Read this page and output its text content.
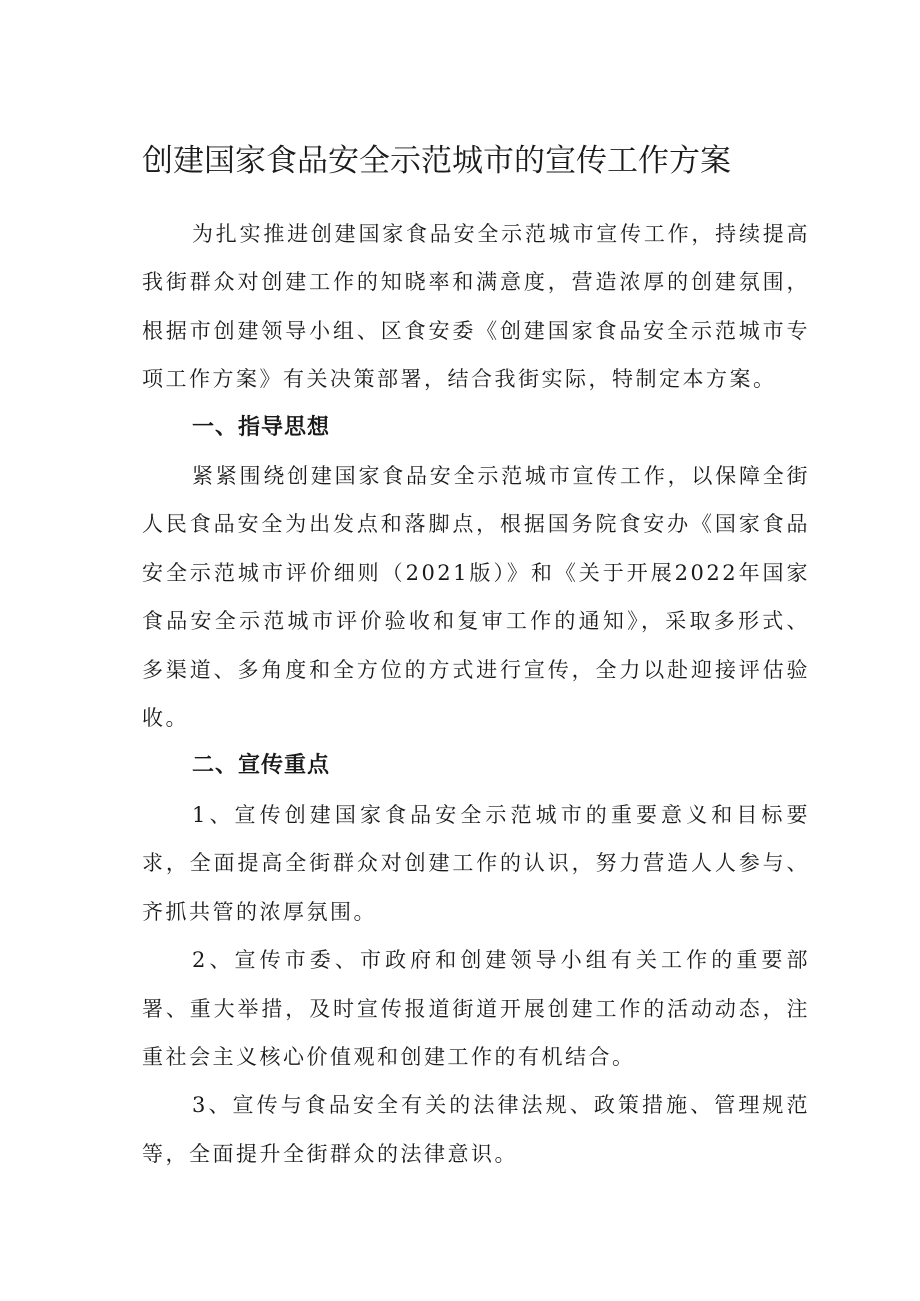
创建国家食品安全示范城市的宣传工作方案

为扎实推进创建国家食品安全示范城市宣传工作，持续提高我街群众对创建工作的知晓率和满意度，营造浓厚的创建氛围，根据市创建领导小组、区食安委《创建国家食品安全示范城市专项工作方案》有关决策部署，结合我街实际，特制定本方案。

一、指导思想

紧紧围绕创建国家食品安全示范城市宣传工作，以保障全街人民食品安全为出发点和落脚点，根据国务院食安办《国家食品安全示范城市评价细则（2021版）》和《关于开展2022年国家食品安全示范城市评价验收和复审工作的通知》，采取多形式、多渠道、多角度和全方位的方式进行宣传，全力以赴迎接评估验收。

二、宣传重点

1、宣传创建国家食品安全示范城市的重要意义和目标要求，全面提高全街群众对创建工作的认识，努力营造人人参与、齐抓共管的浓厚氛围。

2、宣传市委、市政府和创建领导小组有关工作的重要部署、重大举措，及时宣传报道街道开展创建工作的活动动态，注重社会主义核心价值观和创建工作的有机结合。

3、宣传与食品安全有关的法律法规、政策措施、管理规范等，全面提升全街群众的法律意识。
